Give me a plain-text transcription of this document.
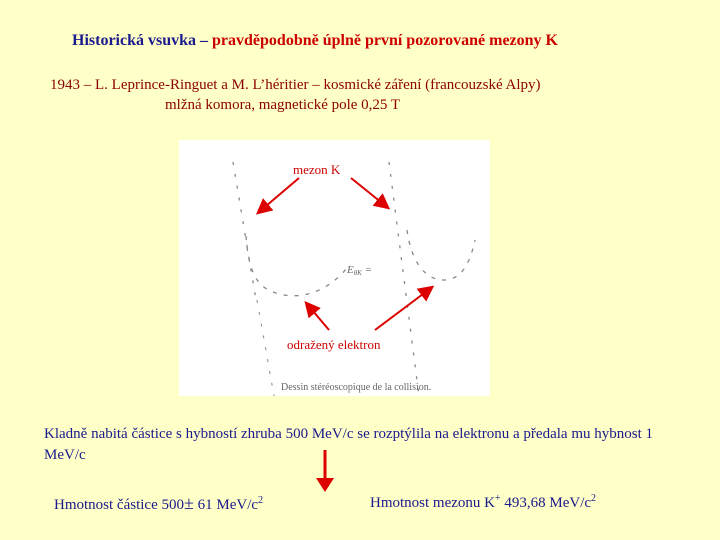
Historická vsuvka – pravděpodobně úplně první pozorované mezony K
1943 – L. Leprince-Ringuet a M. L’héritier – kosmické záření (francouzské Alpy)
mlžná komora, magnetické pole 0,25 T
mezon K
odražený elektron
EθK =
Dessin stéréoscopique de la collision.
Kladně nabitá částice s hybností zhruba 500 MeV/c se rozptýlila na elektronu a předala mu hybnost 1 MeV/c
Hmotnost částice 500± 61 MeV/$c^2$	Hmotnost mezonu K+ 493,68 MeV/$c^2$
